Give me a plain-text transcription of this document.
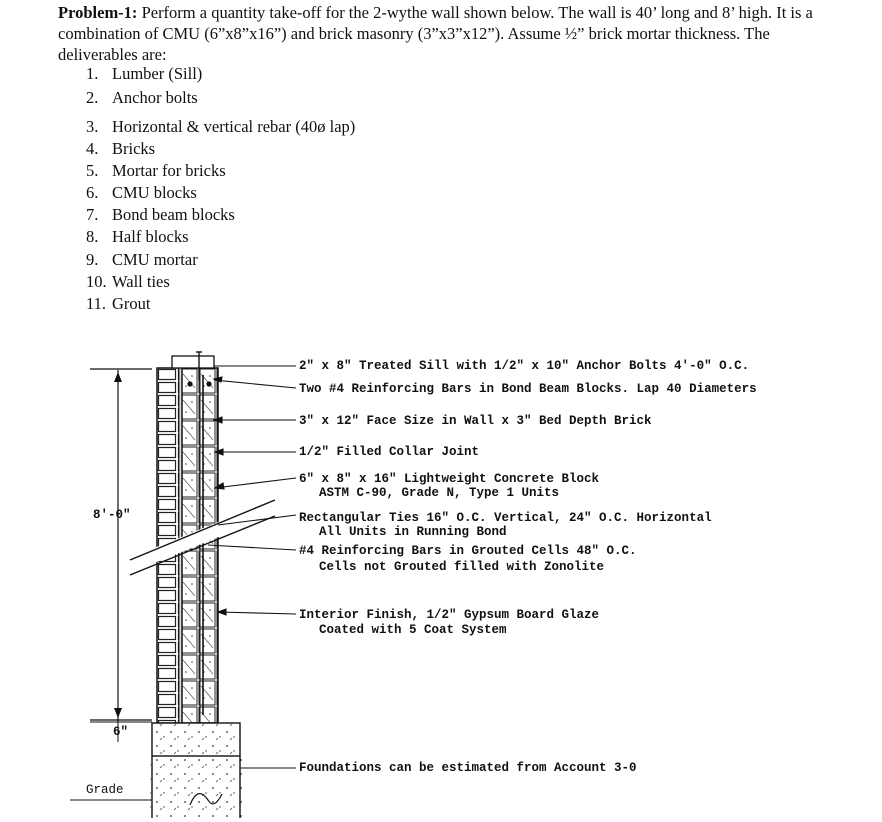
Problem-1: Perform a quantity take-off for the 2-wythe wall shown below. The wall is 40’ long and 8’ high. It is a combination of CMU (6”x8”x16”) and brick masonry (3”x3”x12”). Assume ½” brick mortar thickness. The deliverables are:
1. Lumber (Sill)
2. Anchor bolts
3. Horizontal & vertical rebar (40ø lap)
4. Bricks
5. Mortar for bricks
6. CMU blocks
7. Bond beam blocks
8. Half blocks
9. CMU mortar
10. Wall ties
11. Grout
8'-0"
6"
Grade
2" x 8" Treated Sill with 1/2" x 10" Anchor Bolts 4'-0" O.C.
Two #4 Reinforcing Bars in Bond Beam Blocks. Lap 40 Diameters
3" x 12" Face Size in Wall x 3" Bed Depth Brick
1/2" Filled Collar Joint
6" x 8" x 16" Lightweight Concrete Block
ASTM C-90, Grade N, Type 1 Units
Rectangular Ties 16" O.C. Vertical, 24" O.C. Horizontal
All Units in Running Bond
#4 Reinforcing Bars in Grouted Cells 48" O.C.
Cells not Grouted filled with Zonolite
Interior Finish, 1/2" Gypsum Board Glaze
Coated with 5 Coat System
Foundations can be estimated from Account 3-0
